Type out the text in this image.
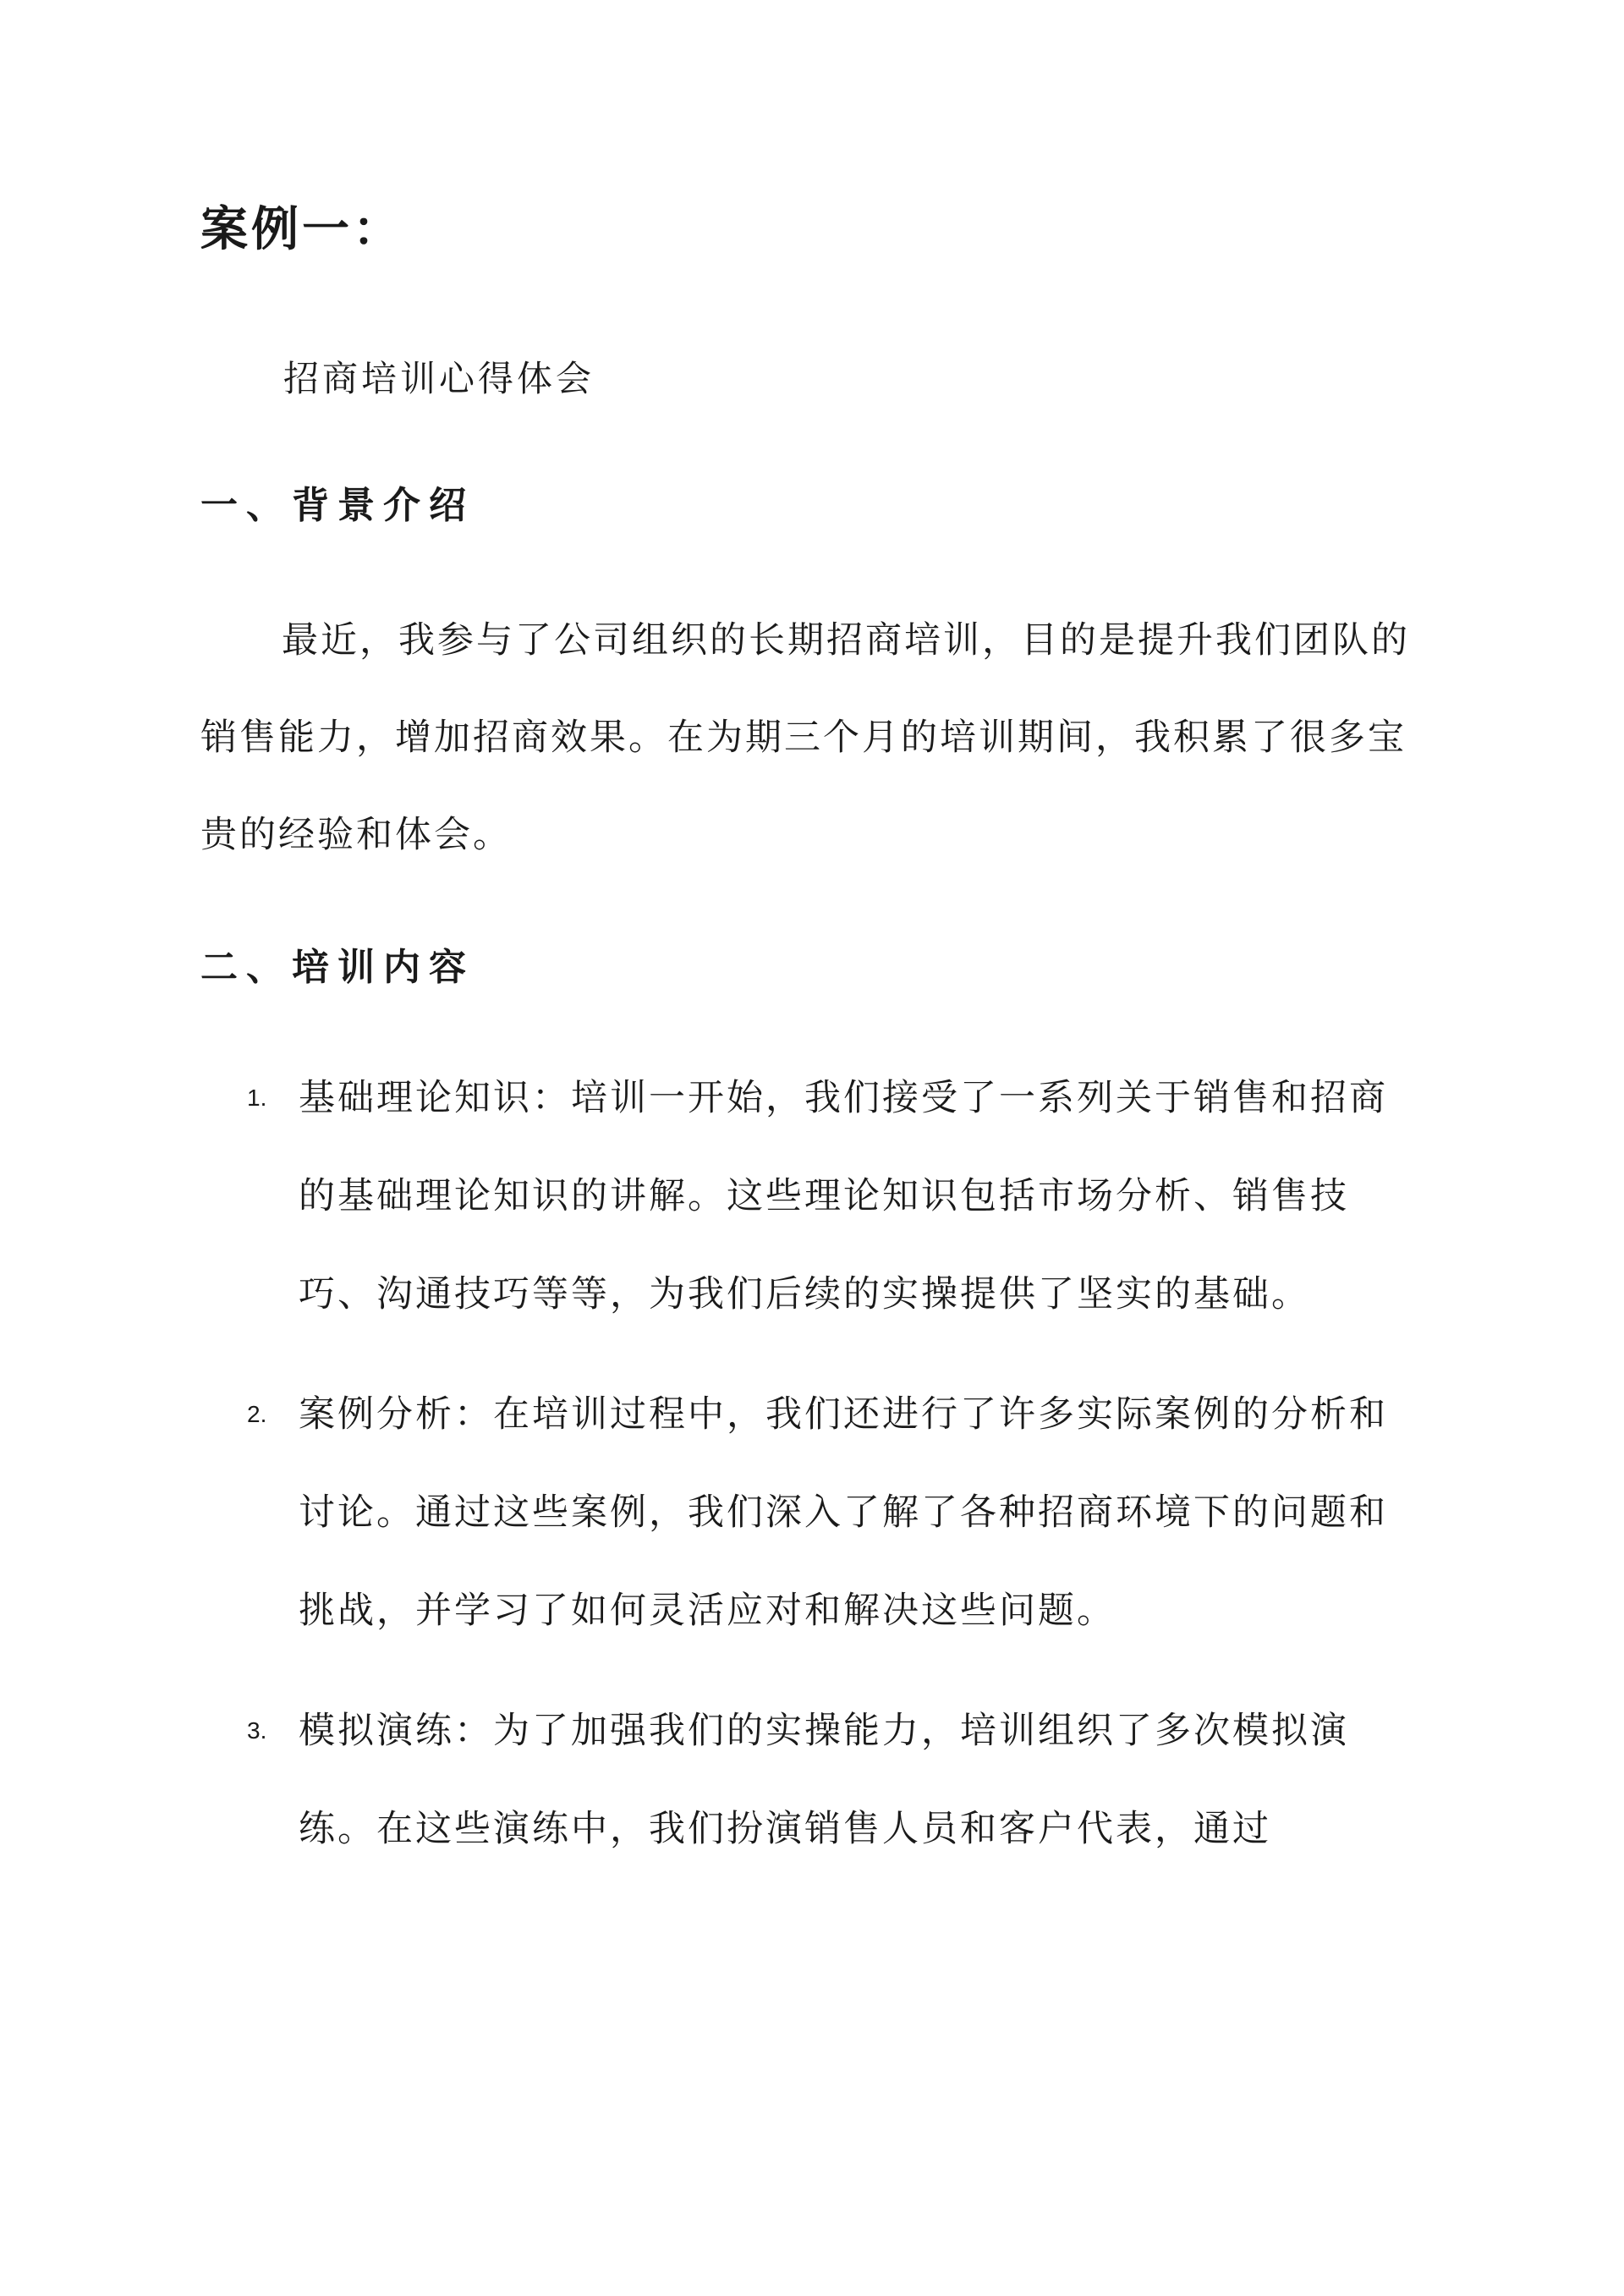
案例一：

招商培训心得体会

一、背景介绍

最近，我参与了公司组织的长期招商培训，目的是提升我们团队的销售能力，增加招商效果。在为期三个月的培训期间，我积累了很多宝贵的经验和体会。

二、培训内容
1. 基础理论知识：培训一开始，我们接受了一系列关于销售和招商的基础理论知识的讲解。这些理论知识包括市场分析、销售技巧、沟通技巧等等，为我们后续的实操提供了坚实的基础。
2. 案例分析：在培训过程中，我们还进行了许多实际案例的分析和讨论。通过这些案例，我们深入了解了各种招商环境下的问题和挑战，并学习了如何灵活应对和解决这些问题。
3. 模拟演练：为了加强我们的实操能力，培训组织了多次模拟演练。在这些演练中，我们扮演销售人员和客户代表，通过
